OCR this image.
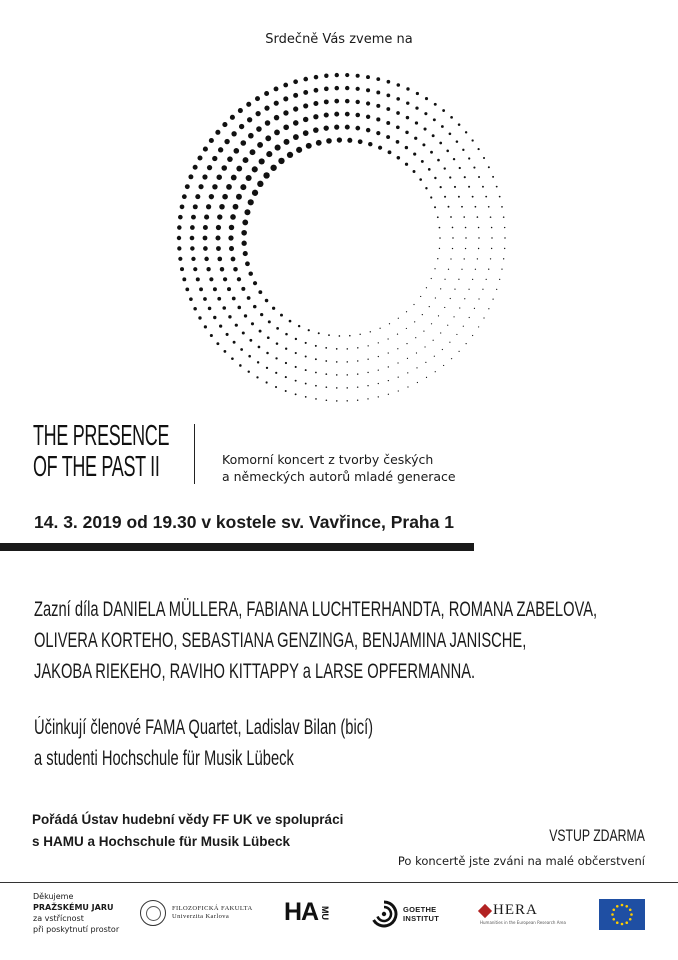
Srdečně Vás zveme na
THE PRESENCE
OF THE PAST II	Komorní koncert z tvorby českých
a německých autorů mladé generace
14. 3. 2019 od 19.30 v kostele sv. Vavřince, Praha 1
Zazní díla DANIELA MÜLLERA, FABIANA LUCHTERHANDTA, ROMANA ZABELOVA,
OLIVERA KORTEHO, SEBASTIANA GENZINGA, BENJAMINA JANISCHE,
JAKOBA RIEKEHO, RAVIHO KITTAPPY a LARSE OPFERMANNA.
Účinkují členové FAMA Quartet, Ladislav Bilan (bicí)
a studenti Hochschule für Musik Lübeck
Pořádá Ústav hudební vědy FF UK ve spolupráci
s HAMU a Hochschule für Musik Lübeck	VSTUP ZDARMA
Po koncertě jste zváni na malé občerstvení
Děkujeme
PRAŽSKÉMU JARU
za vstřícnost
při poskytnutí prostor
FILOZOFICKÁ FAKULTA
Univerzita Karlova	HA MU	GOETHE
INSTITUT
HERA
Humanities in the European Research Area
